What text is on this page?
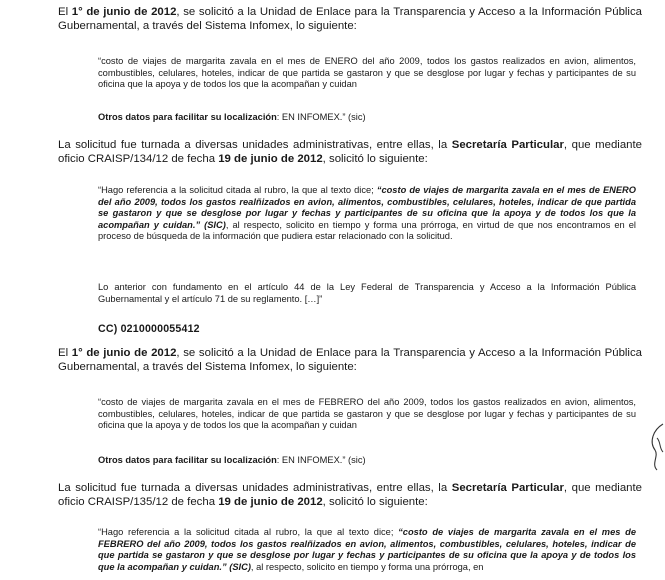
El 1° de junio de 2012, se solicitó a la Unidad de Enlace para la Transparencia y Acceso a la Información Pública Gubernamental, a través del Sistema Infomex, lo siguiente:

“costo de viajes de margarita zavala en el mes de ENERO del año 2009, todos los gastos realizados en avion, alimentos, combustibles, celulares, hoteles, indicar de que partida se gastaron y que se desglose por lugar y fechas y participantes de su oficina que la apoya y de todos los que la acompañan y cuidan

Otros datos para facilitar su localización: EN INFOMEX.” (sic)

La solicitud fue turnada a diversas unidades administrativas, entre ellas, la Secretaría Particular, que mediante oficio CRAISP/134/12 de fecha 19 de junio de 2012, solicitó lo siguiente:

“Hago referencia a la solicitud citada al rubro, la que al texto dice; “costo de viajes de margarita zavala en el mes de ENERO del año 2009, todos los gastos realñizados en avion, alimentos, combustibles, celulares, hoteles, indicar de que partida se gastaron y que se desglose por lugar y fechas y participantes de su oficina que la apoya y de todos los que la acompañan y cuidan.” (SIC), al respecto, solicito en tiempo y forma una prórroga, en virtud de que nos encontramos en el proceso de búsqueda de la información que pudiera estar relacionado con la solicitud.

Lo anterior con fundamento en el artículo 44 de la Ley Federal de Transparencia y Acceso a la Información Pública Gubernamental y el artículo 71 de su reglamento. […]”

CC) 0210000055412

El 1° de junio de 2012, se solicitó a la Unidad de Enlace para la Transparencia y Acceso a la Información Pública Gubernamental, a través del Sistema Infomex, lo siguiente:

“costo de viajes de margarita zavala en el mes de FEBRERO del año 2009, todos los gastos realizados en avion, alimentos, combustibles, celulares, hoteles, indicar de que partida se gastaron y que se desglose por lugar y fechas y participantes de su oficina que la apoya y de todos los que la acompañan y cuidan

Otros datos para facilitar su localización: EN INFOMEX.” (sic)

La solicitud fue turnada a diversas unidades administrativas, entre ellas, la Secretaría Particular, que mediante oficio CRAISP/135/12 de fecha 19 de junio de 2012, solicitó lo siguiente:

“Hago referencia a la solicitud citada al rubro, la que al texto dice; “costo de viajes de margarita zavala en el mes de FEBRERO del año 2009, todos los gastos realñizados en avion, alimentos, combustibles, celulares, hoteles, indicar de que partida se gastaron y que se desglose por lugar y fechas y participantes de su oficina que la apoya y de todos los que la acompañan y cuidan.” (SIC), al respecto, solicito en tiempo y forma una prórroga, en
